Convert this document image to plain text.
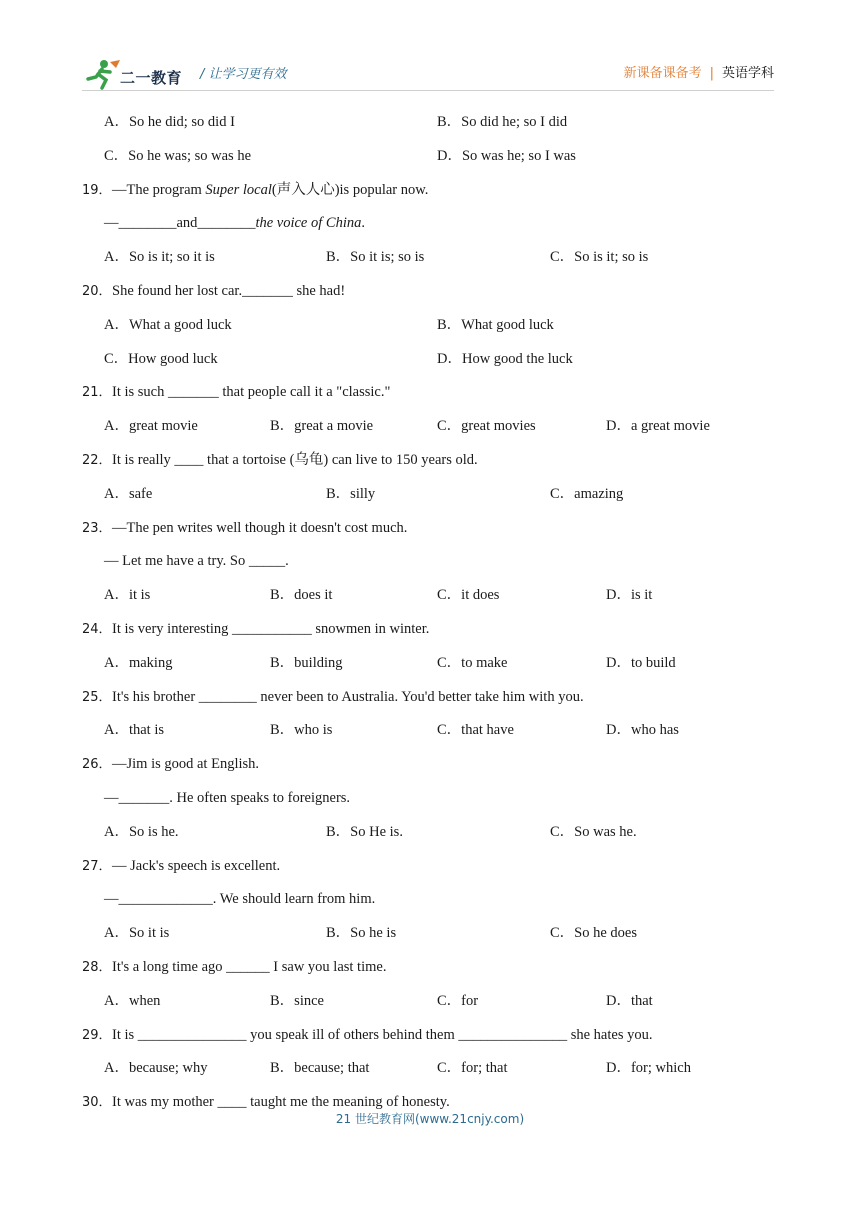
二一教育 / 让学习更有效	新课备课备考 | 英语学科
A．So he did; so did I	B．So did he; so I did
C．So he was; so was he	D．So was he; so I was
19． —The program Super local(声入人心)is popular now.
—________and________the voice of China.
A．So is it; so it is	B．So it is; so is	C．So is it; so is
20． She found her lost car._______ she had!
A．What a good luck	B．What good luck
C．How good luck	D．How good the luck
21． It is such _______ that people call it a "classic."
A．great movie	B．great a movie	C．great movies	D．a great movie
22． It is really ____ that a tortoise (乌龟) can live to 150 years old.
A．safe	B．silly	C．amazing
23． —The pen writes well though it doesn't cost much.
— Let me have a try. So _____.
A．it is	B．does it	C．it does	D．is it
24． It is very interesting ___________ snowmen in winter.
A．making	B．building	C．to make	D．to build
25． It's his brother ________ never been to Australia. You'd better take him with you.
A．that is	B．who is	C．that have	D．who has
26． —Jim is good at English.
—_______. He often speaks to foreigners.
A．So is he.	B．So He is.	C．So was he.
27． — Jack's speech is excellent.
—_____________. We should learn from him.
A．So it is	B．So he is	C．So he does
28． It's a long time ago ______ I saw you last time.
A．when	B．since	C．for	D．that
29． It is _______________ you speak ill of others behind them _______________ she hates you.
A．because; why	B．because; that	C．for; that	D．for; which
30． It was my mother ____ taught me the meaning of honesty.
21 世纪教育网(www.21cnjy.com)
